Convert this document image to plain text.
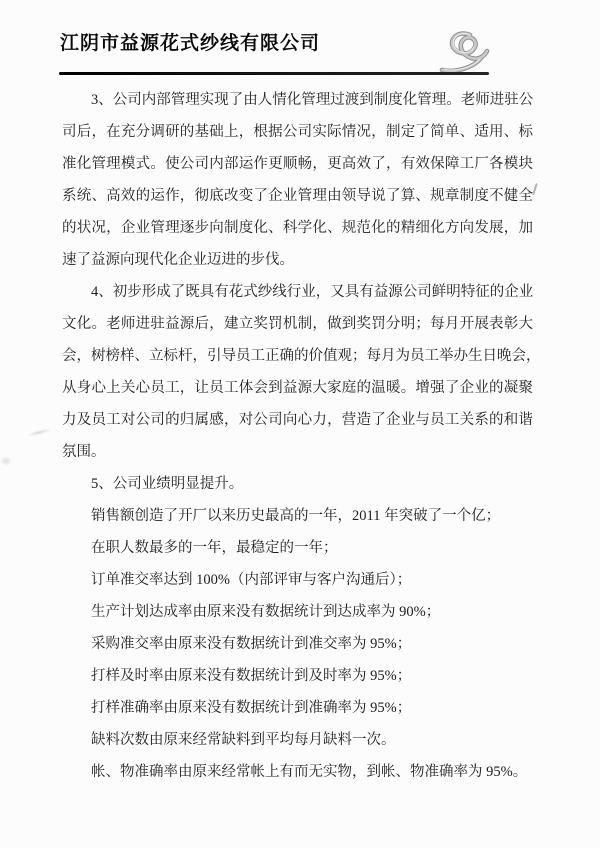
江阴市益源花式纱线有限公司
3、公司内部管理实现了由人情化管理过渡到制度化管理。老师进驻公
司后，在充分调研的基础上，根据公司实际情况，制定了简单、适用、标
准化管理模式。使公司内部运作更顺畅，更高效了，有效保障工厂各模块
系统、高效的运作，彻底改变了企业管理由领导说了算、规章制度不健全
的状况，企业管理逐步向制度化、科学化、规范化的精细化方向发展，加
速了益源向现代化企业迈进的步伐。
4、初步形成了既具有花式纱线行业，又具有益源公司鲜明特征的企业
文化。老师进驻益源后，建立奖罚机制，做到奖罚分明；每月开展表彰大
会，树榜样、立标杆，引导员工正确的价值观；每月为员工举办生日晚会，
从身心上关心员工，让员工体会到益源大家庭的温暖。增强了企业的凝聚
力及员工对公司的归属感，对公司向心力，营造了企业与员工关系的和谐
氛围。
5、公司业绩明显提升。
销售额创造了开厂以来历史最高的一年，2011 年突破了一个亿；
在职人数最多的一年，最稳定的一年；
订单准交率达到 100%（内部评审与客户沟通后）；
生产计划达成率由原来没有数据统计到达成率为 90%；
采购准交率由原来没有数据统计到准交率为 95%；
打样及时率由原来没有数据统计到及时率为 95%；
打样准确率由原来没有数据统计到准确率为 95%；
缺料次数由原来经常缺料到平均每月缺料一次。
帐、物准确率由原来经常帐上有而无实物，到帐、物准确率为 95%。
